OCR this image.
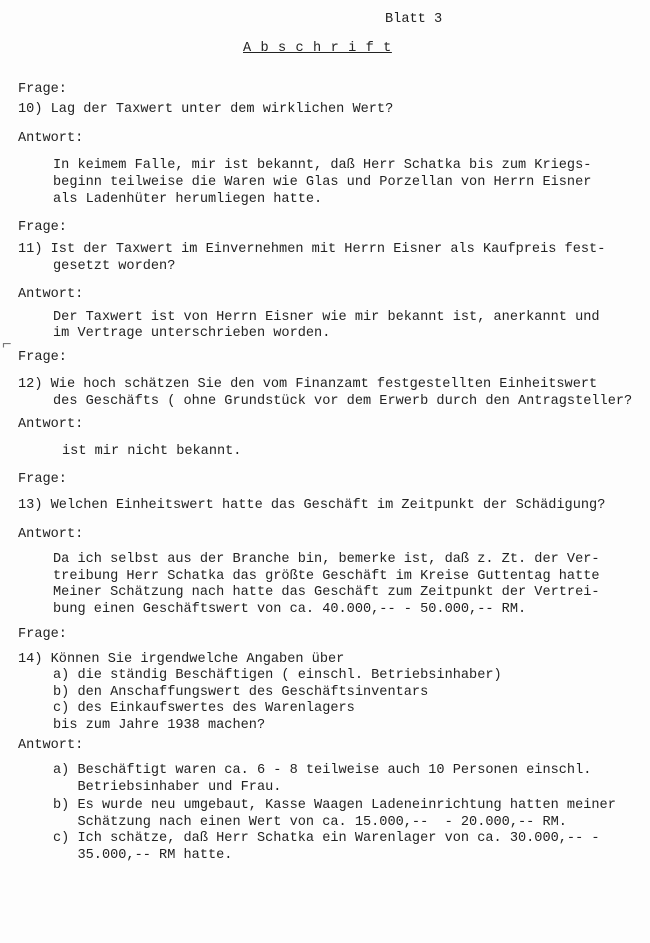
Blatt 3
A b s c h r i f t
Frage:
10) Lag der Taxwert unter dem wirklichen Wert?
Antwort:
In keimem Falle, mir ist bekannt, daß Herr Schatka bis zum Kriegs-
beginn teilweise die Waren wie Glas und Porzellan von Herrn Eisner
als Ladenhüter herumliegen hatte.
Frage:
11) Ist der Taxwert im Einvernehmen mit Herrn Eisner als Kaufpreis fest-
gesetzt worden?
Antwort:
Der Taxwert ist von Herrn Eisner wie mir bekannt ist, anerkannt und
im Vertrage unterschrieben worden.
⌐
Frage:
12) Wie hoch schätzen Sie den vom Finanzamt festgestellten Einheitswert
des Geschäfts ( ohne Grundstück vor dem Erwerb durch den Antragsteller?
Antwort:
ist mir nicht bekannt.
Frage:
13) Welchen Einheitswert hatte das Geschäft im Zeitpunkt der Schädigung?
Antwort:
Da ich selbst aus der Branche bin, bemerke ist, daß z. Zt. der Ver-
treibung Herr Schatka das größte Geschäft im Kreise Guttentag hatte
Meiner Schätzung nach hatte das Geschäft zum Zeitpunkt der Vertrei-
bung einen Geschäftswert von ca. 40.000,-- - 50.000,-- RM.
Frage:
14) Können Sie irgendwelche Angaben über
a) die ständig Beschäftigen ( einschl. Betriebsinhaber)
b) den Anschaffungswert des Geschäftsinventars
c) des Einkaufswertes des Warenlagers
bis zum Jahre 1938 machen?
Antwort:
a) Beschäftigt waren ca. 6 - 8 teilweise auch 10 Personen einschl.
Betriebsinhaber und Frau.
b) Es wurde neu umgebaut, Kasse Waagen Ladeneinrichtung hatten meiner
Schätzung nach einen Wert von ca. 15.000,--  - 20.000,-- RM.
c) Ich schätze, daß Herr Schatka ein Warenlager von ca. 30.000,-- -
35.000,-- RM hatte.
